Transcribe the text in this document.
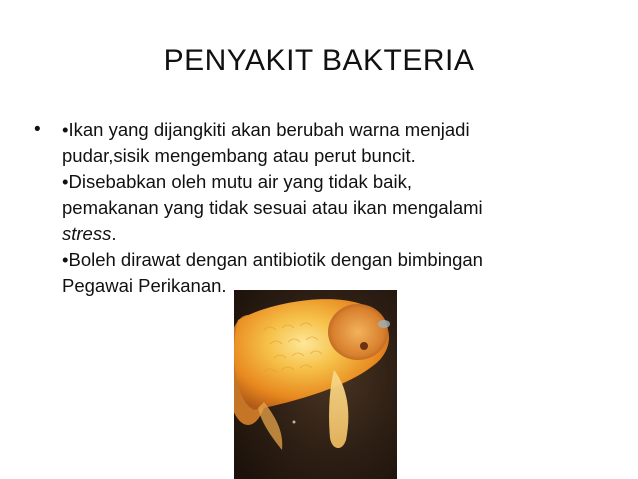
PENYAKIT BAKTERIA
•	•Ikan yang dijangkiti akan berubah warna menjadi
pudar,sisik mengembang atau perut buncit.
•Disebabkan oleh mutu air yang tidak baik,
pemakanan yang tidak sesuai atau ikan mengalami
stress.
•Boleh dirawat dengan antibiotik dengan bimbingan
Pegawai Perikanan.
